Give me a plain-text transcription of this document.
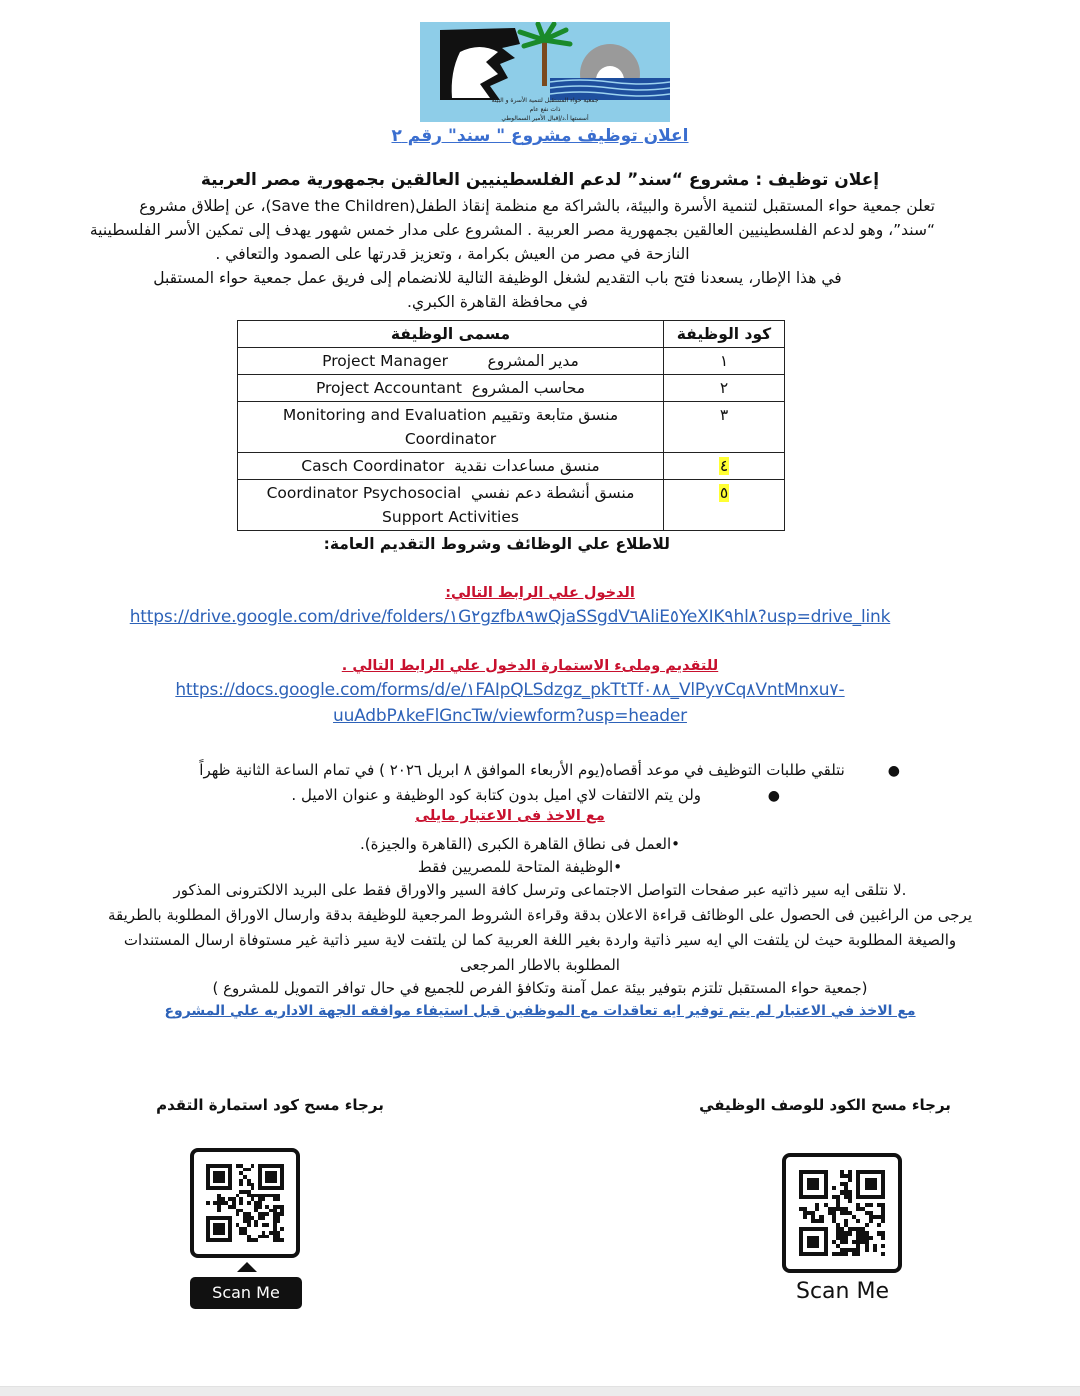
جمعية حواء المستقبل لتنمية الأسرة و البيئة
ذات نفع عام
أسستها أ.د/إقبال الأمير السمالوطي
اعلان توظيف مشروع " سند" رقم ٢
إعلان توظيف : مشروع “سند” لدعم الفلسطينيين العالقين بجمهورية مصر العربية
تعلن جمعية حواء المستقبل لتنمية الأسرة والبيئة، بالشراكة مع منظمة إنقاذ الطفل(Save the Children)، عن إطلاق مشروع
“سند”، وهو لدعم الفلسطينيين العالقين بجمهورية مصر العربية . المشروع على مدار خمس شهور يهدف إلى تمكين الأسر الفلسطينية
النازحة في مصر من العيش بكرامة ، وتعزيز قدرتها على الصمود والتعافي .
في هذا الإطار، يسعدنا فتح باب التقديم لشغل الوظيفة التالية للانضمام إلى فريق عمل جمعية حواء المستقبل
في محافظة القاهرة الكبري.
كود الوظيفة	مسمى الوظيفة
١	مدير المشروع        Project Manager
٢	محاسب المشروع  Project Accountant
٣	منسق متابعة وتقييم Monitoring and Evaluation
Coordinator
٤	منسق مساعدات نقدية  Casch Coordinator
٥	منسق أنشطة دعم نفسي  Coordinator Psychosocial
Support Activities
للاطلاع علي الوظائف وشروط التقديم العامة:
الدخول علي الرابط التالي:
https://drive.google.com/drive/folders/١G٢gzfb٨٩wQjaSSgdV٦AliE٥YeXIK٩hl٨?usp=drive_link
للتقديم وملىء الاستمارة الدخول علي الرابط التالي .
https://docs.google.com/forms/d/e/١FAIpQLSdzgz_pkTtTf٠٨٨_VlPy٧Cq٨VntMnxu٧-
uuAdbP٨keFlGncTw/viewform?usp=header
●         نتلقي طلبات التوظيف في موعد أقصاه(يوم الأربعاء الموافق ٨ ابريل ٢٠٢٦ ) في تمام الساعة الثانية ظهراً
●              ولن يتم الالتفات لاي اميل بدون كتابة كود الوظيفة و عنوان الاميل .
مع الاخذ فى الاعتبار مايلى
•العمل فى نطاق القاهرة الكبرى (القاهرة والجيزة).
•الوظيفة المتاحة للمصريين فقط
.لا نتلقى ايه سير ذاتيه عبر صفحات التواصل الاجتماعى وترسل كافة السير والاوراق فقط على البريد الالكترونى المذكور
يرجى من الراغبين فى الحصول على الوظائف قراءة الاعلان بدقة وقراءة الشروط المرجعية للوظيفة بدقة وارسال الاوراق المطلوبة بالطريقة
والصيغة المطلوبة حيث لن يلتفت الي ايه سير ذاتية واردة بغير اللغة العربية كما لن يلتفت لاية سير ذاتية غير مستوفاة ارسال المستندات
المطلوبة بالاطار المرجعى
(جمعية حواء المستقبل تلتزم بتوفير بيئة عمل آمنة وتكافؤ الفرص للجميع في حال توافر التمويل للمشروع )
مع الاخذ في الاعتبار لم يتم توفير ايه تعاقدات مع الموظفين قبل استيفاء موافقه الجهة الاداريه علي المشروع
برجاء مسح كود استمارة التقدم	برجاء مسح الكود للوصف الوظيفي
Scan Me	Scan Me
